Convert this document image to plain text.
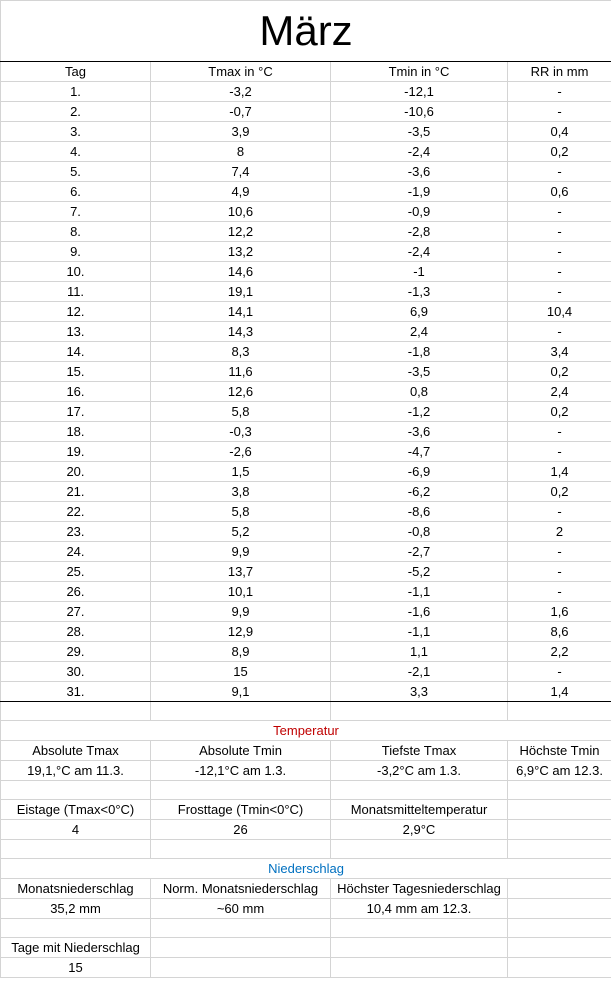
März			
Tag	Tmax in °C	Tmin in °C	RR in mm
1.	-3,2	-12,1	-
2.	-0,7	-10,6	-
3.	3,9	-3,5	0,4
4.	8	-2,4	0,2
5.	7,4	-3,6	-
6.	4,9	-1,9	0,6
7.	10,6	-0,9	-
8.	12,2	-2,8	-
9.	13,2	-2,4	-
10.	14,6	-1	-
11.	19,1	-1,3	-
12.	14,1	6,9	10,4
13.	14,3	2,4	-
14.	8,3	-1,8	3,4
15.	11,6	-3,5	0,2
16.	12,6	0,8	2,4
17.	5,8	-1,2	0,2
18.	-0,3	-3,6	-
19.	-2,6	-4,7	-
20.	1,5	-6,9	1,4
21.	3,8	-6,2	0,2
22.	5,8	-8,6	-
23.	5,2	-0,8	2
24.	9,9	-2,7	-
25.	13,7	-5,2	-
26.	10,1	-1,1	-
27.	9,9	-1,6	1,6
28.	12,9	-1,1	8,6
29.	8,9	1,1	2,2
30.	15	-2,1	-
31.	9,1	3,3	1,4

Temperatur			
Absolute Tmax	Absolute Tmin	Tiefste Tmax	Höchste Tmin
19,1,°C am 11.3.	-12,1°C am 1.3.	-3,2°C am 1.3.	6,9°C am 12.3.

Eistage (Tmax<0°C)	Frosttage (Tmin<0°C)	Monatsmitteltemperatur	
4	26	2,9°C	

Niederschlag			
Monatsniederschlag	Norm. Monatsniederschlag	Höchster Tagesniederschlag	
35,2 mm	~60 mm	10,4 mm am 12.3.	

Tage mit Niederschlag			
15			
